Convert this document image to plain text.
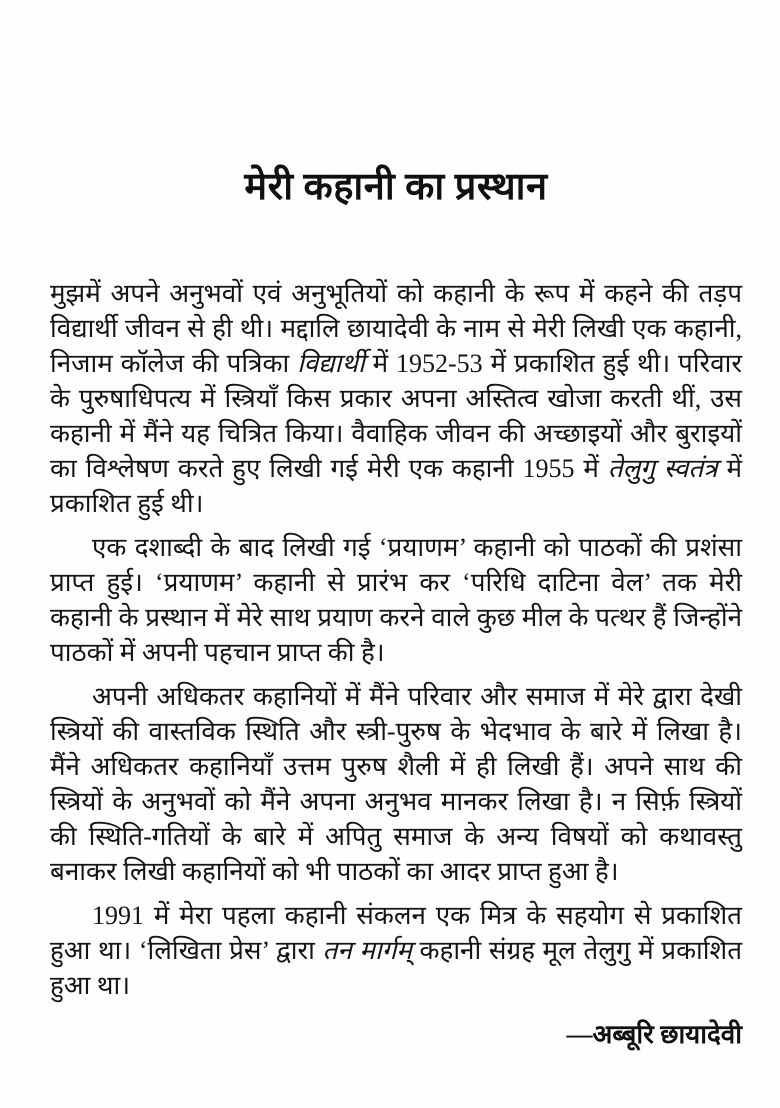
मेरी कहानी का प्रस्थान

मुझमें अपने अनुभवों एवं अनुभूतियों को कहानी के रूप में कहने की तड़प विद्यार्थी जीवन से ही थी। मद्दालि छायादेवी के नाम से मेरी लिखी एक कहानी, निजाम कॉलेज की पत्रिका विद्यार्थी में 1952-53 में प्रकाशित हुई थी। परिवार के पुरुषाधिपत्य में स्त्रियाँ किस प्रकार अपना अस्तित्व खोजा करती थीं, उस कहानी में मैंने यह चित्रित किया। वैवाहिक जीवन की अच्छाइयों और बुराइयों का विश्लेषण करते हुए लिखी गई मेरी एक कहानी 1955 में तेलुगु स्वतंत्र में प्रकाशित हुई थी।

एक दशाब्दी के बाद लिखी गई ‘प्रयाणम’ कहानी को पाठकों की प्रशंसा प्राप्त हुई। ‘प्रयाणम’ कहानी से प्रारंभ कर ‘परिधि दाटिना वेल’ तक मेरी कहानी के प्रस्थान में मेरे साथ प्रयाण करने वाले कुछ मील के पत्थर हैं जिन्होंने पाठकों में अपनी पहचान प्राप्त की है।

अपनी अधिकतर कहानियों में मैंने परिवार और समाज में मेरे द्वारा देखी स्त्रियों की वास्तविक स्थिति और स्त्री-पुरुष के भेदभाव के बारे में लिखा है। मैंने अधिकतर कहानियाँ उत्तम पुरुष शैली में ही लिखी हैं। अपने साथ की स्त्रियों के अनुभवों को मैंने अपना अनुभव मानकर लिखा है। न सिर्फ़ स्त्रियों की स्थिति-गतियों के बारे में अपितु समाज के अन्य विषयों को कथावस्तु बनाकर लिखी कहानियों को भी पाठकों का आदर प्राप्त हुआ है।

1991 में मेरा पहला कहानी संकलन एक मित्र के सहयोग से प्रकाशित हुआ था। ‘लिखिता प्रेस’ द्वारा तन मार्गम् कहानी संग्रह मूल तेलुगु में प्रकाशित हुआ था।

—अब्बूरि छायादेवी
